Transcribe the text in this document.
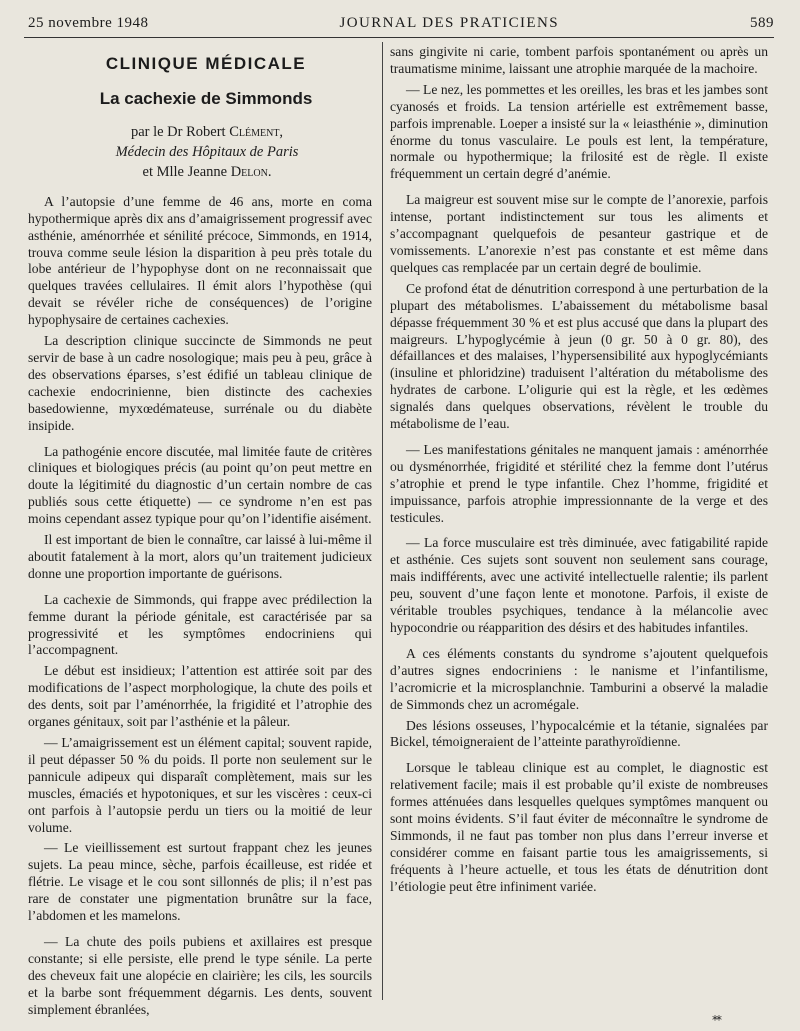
25 novembre 1948	JOURNAL DES PRATICIENS	589
CLINIQUE MÉDICALE
La cachexie de Simmonds
par le Dr Robert Clément,
Médecin des Hôpitaux de Paris
et Mlle Jeanne Delon.

A l’autopsie d’une femme de 46 ans, morte en coma hypothermique après dix ans d’amaigrissement progressif avec asthénie, aménorrhée et sénilité précoce, Simmonds, en 1914, trouva comme seule lésion la disparition à peu près totale du lobe antérieur de l’hypophyse dont on ne reconnaissait que quelques travées cellulaires. Il émit alors l’hypothèse (qui devait se révéler riche de conséquences) de l’origine hypophysaire de certaines cachexies.

La description clinique succincte de Simmonds ne peut servir de base à un cadre nosologique; mais peu à peu, grâce à des observations éparses, s’est édifié un tableau clinique de cachexie endocrinienne, bien distincte des cachexies basedowienne, myxœdémateuse, surrénale ou du diabète insipide.

La pathogénie encore discutée, mal limitée faute de critères cliniques et biologiques précis (au point qu’on peut mettre en doute la légitimité du diagnostic d’un certain nombre de cas publiés sous cette étiquette) — ce syndrome n’en est pas moins cependant assez typique pour qu’on l’identifie aisément.

Il est important de bien le connaître, car laissé à lui-même il aboutit fatalement à la mort, alors qu’un traitement judicieux donne une proportion importante de guérisons.

La cachexie de Simmonds, qui frappe avec prédilection la femme durant la période génitale, est caractérisée par sa progressivité et les symptômes endocriniens qui l’accompagnent.

Le début est insidieux; l’attention est attirée soit par des modifications de l’aspect morphologique, la chute des poils et des dents, soit par l’aménorrhée, la frigidité et l’atrophie des organes génitaux, soit par l’asthénie et la pâleur.

— L’amaigrissement est un élément capital; souvent rapide, il peut dépasser 50 % du poids. Il porte non seulement sur le pannicule adipeux qui disparaît complètement, mais sur les muscles, émaciés et hypotoniques, et sur les viscères : ceux-ci ont parfois à l’autopsie perdu un tiers ou la moitié de leur volume.

— Le vieillissement est surtout frappant chez les jeunes sujets. La peau mince, sèche, parfois écailleuse, est ridée et flétrie. Le visage et le cou sont sillonnés de plis; il n’est pas rare de constater une pigmentation brunâtre sur la face, l’abdomen et les mamelons.

— La chute des poils pubiens et axillaires est presque constante; si elle persiste, elle prend le type sénile. La perte des cheveux fait une alopécie en clairière; les cils, les sourcils et la barbe sont fréquemment dégarnis. Les dents, souvent simplement ébranlées,

sans gingivite ni carie, tombent parfois spontanément ou après un traumatisme minime, laissant une atrophie marquée de la machoire.

— Le nez, les pommettes et les oreilles, les bras et les jambes sont cyanosés et froids. La tension artérielle est extrêmement basse, parfois imprenable. Loeper a insisté sur la « leiasthénie », diminution énorme du tonus vasculaire. Le pouls est lent, la température, normale ou hypothermique; la frilosité est de règle. Il existe fréquemment un certain degré d’anémie.

La maigreur est souvent mise sur le compte de l’anorexie, parfois intense, portant indistinctement sur tous les aliments et s’accompagnant quelquefois de pesanteur gastrique et de vomissements. L’anorexie n’est pas constante et est même dans quelques cas remplacée par un certain degré de boulimie.

Ce profond état de dénutrition correspond à une perturbation de la plupart des métabolismes. L’abaissement du métabolisme basal dépasse fréquemment 30 % et est plus accusé que dans la plupart des maigreurs. L’hypoglycémie à jeun (0 gr. 50 à 0 gr. 80), des défaillances et des malaises, l’hypersensibilité aux hypoglycémiants (insuline et phloridzine) traduisent l’altération du métabolisme des hydrates de carbone. L’oligurie qui est la règle, et les œdèmes signalés dans quelques observations, révèlent le trouble du métabolisme de l’eau.

— Les manifestations génitales ne manquent jamais : aménorrhée ou dysménorrhée, frigidité et stérilité chez la femme dont l’utérus s’atrophie et prend le type infantile. Chez l’homme, frigidité et impuissance, parfois atrophie impressionnante de la verge et des testicules.

— La force musculaire est très diminuée, avec fatigabilité rapide et asthénie. Ces sujets sont souvent non seulement sans courage, mais indifférents, avec une activité intellectuelle ralentie; ils parlent peu, souvent d’une façon lente et monotone. Parfois, il existe de véritable troubles psychiques, tendance à la mélancolie avec hypocondrie ou réapparition des désirs et des habitudes infantiles.

A ces éléments constants du syndrome s’ajoutent quelquefois d’autres signes endocriniens : le nanisme et l’infantilisme, l’acromicrie et la microsplanchnie. Tamburini a observé la maladie de Simmonds chez un acromégale.

Des lésions osseuses, l’hypocalcémie et la tétanie, signalées par Bickel, témoigneraient de l’atteinte parathyroïdienne.

Lorsque le tableau clinique est au complet, le diagnostic est relativement facile; mais il est probable qu’il existe de nombreuses formes atténuées dans lesquelles quelques symptômes manquent ou sont moins évidents. S’il faut éviter de méconnaître le syndrome de Simmonds, il ne faut pas tomber non plus dans l’erreur inverse et considérer comme en faisant partie tous les amaigrissements, si fréquents à l’heure actuelle, et tous les états de dénutrition dont l’étiologie peut être infiniment variée.

**
